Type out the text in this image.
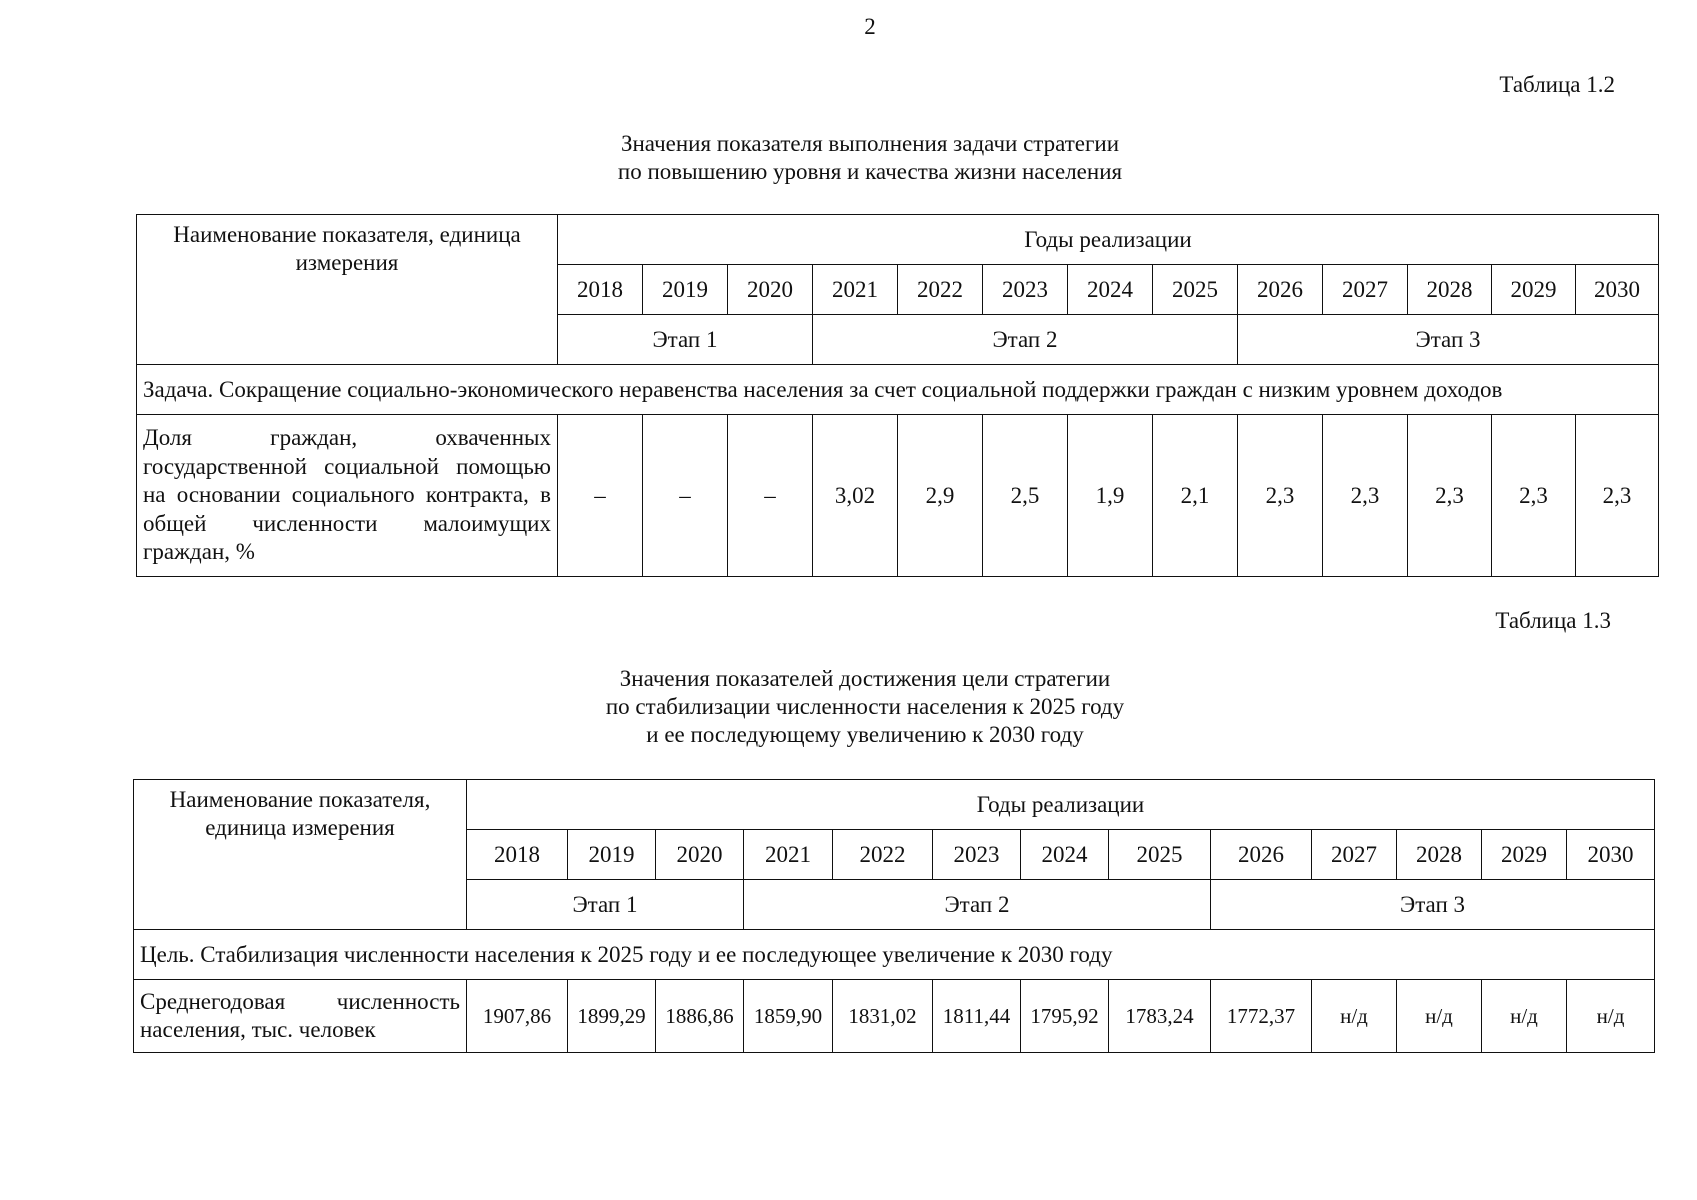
2
Таблица 1.2
Значения показателя выполнения задачи стратегии
по повышению уровня и качества жизни населения
Наименование показателя, единица измерения	Годы реализации												
	2018	2019	2020	2021	2022	2023	2024	2025	2026	2027	2028	2029	2030
	Этап 1			Этап 2					Этап 3				
Задача. Сокращение социально-экономического неравенства населения за счет социальной поддержки граждан с низким уровнем доходов													
Доля граждан, охваченных государственной социальной помощью на основании социального контракта, в общей численности малоимущих граждан, %	–	–	–	3,02	2,9	2,5	1,9	2,1	2,3	2,3	2,3	2,3	2,3
Таблица 1.3
Значения показателей достижения цели стратегии
по стабилизации численности населения к 2025 году
и ее последующему увеличению к 2030 году
Наименование показателя, единица измерения	Годы реализации												
	2018	2019	2020	2021	2022	2023	2024	2025	2026	2027	2028	2029	2030
	Этап 1			Этап 2					Этап 3				
Цель. Стабилизация численности населения к 2025 году и ее последующее увеличение к 2030 году													
Среднегодовая численность населения, тыс. человек	1907,86	1899,29	1886,86	1859,90	1831,02	1811,44	1795,92	1783,24	1772,37	н/д	н/д	н/д	н/д
